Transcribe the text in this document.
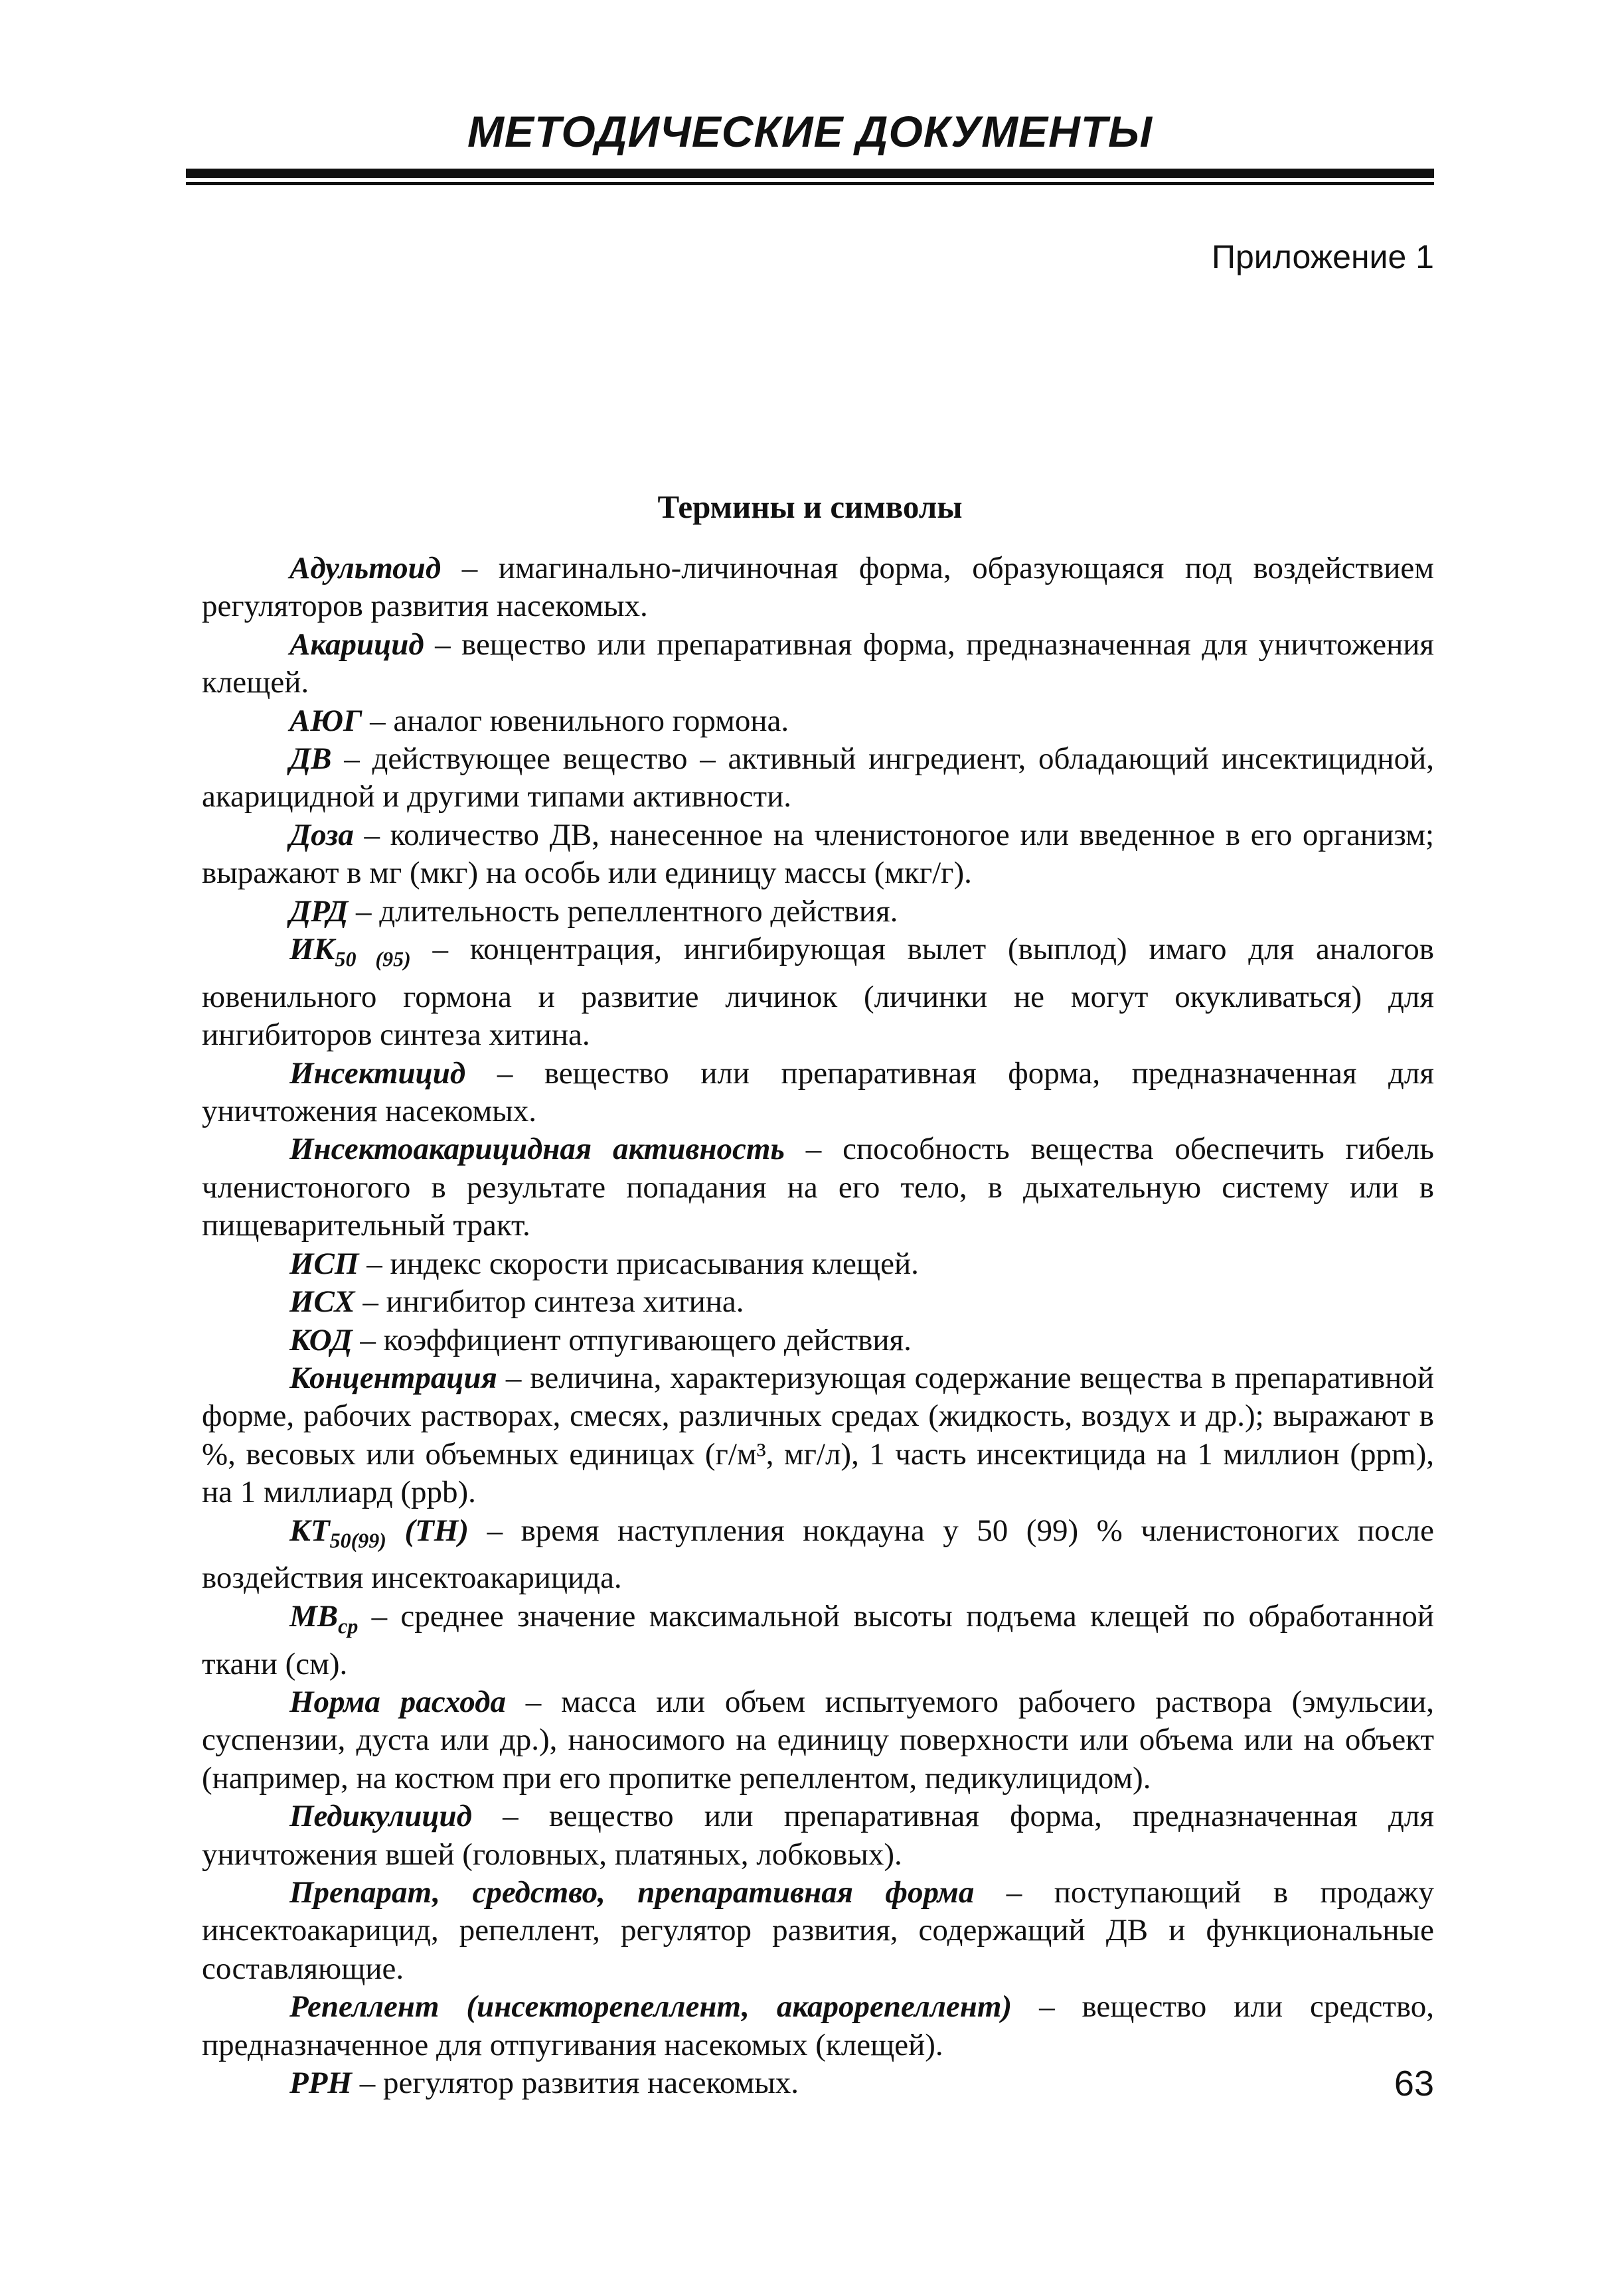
МЕТОДИЧЕСКИЕ ДОКУМЕНТЫ
Приложение 1
Термины и символы

Адультоид – имагинально-личиночная форма, образующаяся под воздействием регуляторов развития насекомых.

Акарицид – вещество или препаративная форма, предназначенная для уничтожения клещей.

АЮГ – аналог ювенильного гормона.

ДВ – действующее вещество – активный ингредиент, обладающий инсектицидной, акарицидной и другими типами активности.

Доза – количество ДВ, нанесенное на членистоногое или введенное в его организм; выражают в мг (мкг) на особь или единицу массы (мкг/г).

ДРД – длительность репеллентного действия.

$ИК_{50 (95)}$ – концентрация, ингибирующая вылет (выплод) имаго для аналогов ювенильного гормона и развитие личинок (личинки не могут окукливаться) для ингибиторов синтеза хитина.

Инсектицид – вещество или препаративная форма, предназначенная для уничтожения насекомых.

Инсектоакарицидная активность – способность вещества обеспечить гибель членистоногого в результате попадания на его тело, в дыхательную систему или в пищеварительный тракт.

ИСП – индекс скорости присасывания клещей.

ИСХ – ингибитор синтеза хитина.

КОД – коэффициент отпугивающего действия.

Концентрация – величина, характеризующая содержание вещества в препаративной форме, рабочих растворах, смесях, различных средах (жидкость, воздух и др.); выражают в %, весовых или объемных единицах (г/м³, мг/л), 1 часть инсектицида на 1 миллион (ppm), на 1 миллиард (ppb).

$КТ_{50(99)}$ (ТН) – время наступления нокдауна у 50 (99) % членистоногих после воздействия инсектоакарицида.

$МВ_{ср}$ – среднее значение максимальной высоты подъема клещей по обработанной ткани (см).

Норма расхода – масса или объем испытуемого рабочего раствора (эмульсии, суспензии, дуста или др.), наносимого на единицу поверхности или объема или на объект (например, на костюм при его пропитке репеллентом, педикулицидом).

Педикулицид – вещество или препаративная форма, предназначенная для уничтожения вшей (головных, платяных, лобковых).

Препарат, средство, препаративная форма – поступающий в продажу инсектоакарицид, репеллент, регулятор развития, содержащий ДВ и функциональные составляющие.

Репеллент (инсекторепеллент, акарорепеллент) – вещество или средство, предназначенное для отпугивания насекомых (клещей).

РРН – регулятор развития насекомых.	63
